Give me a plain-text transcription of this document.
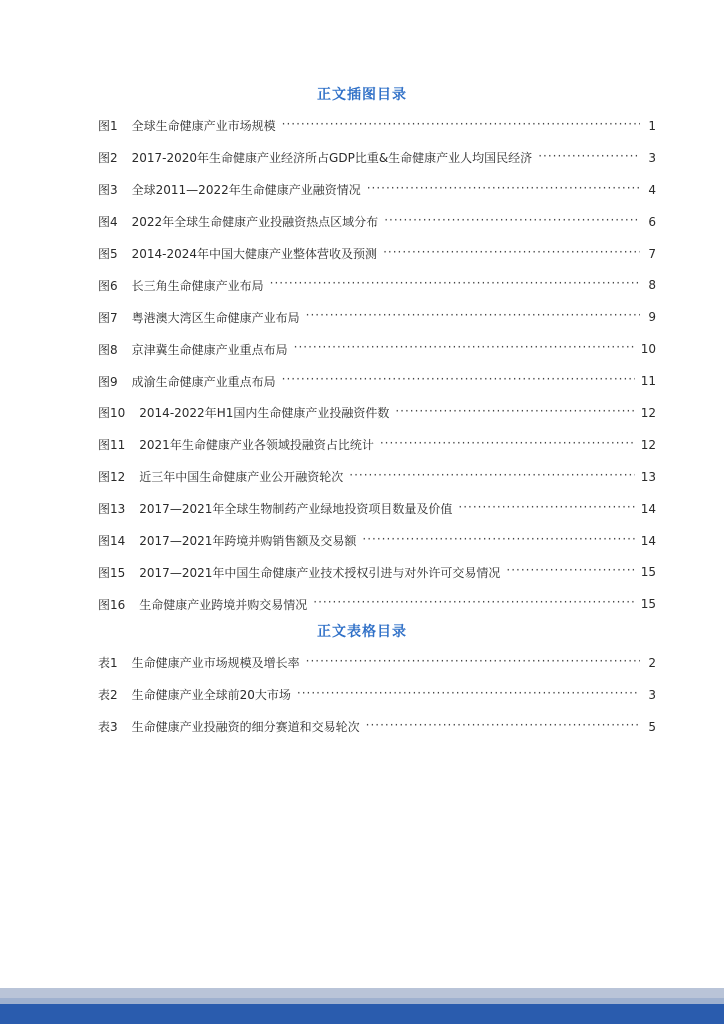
正文插图目录
图1 全球生命健康产业市场规模 ·····	1
图2 2017-2020年生命健康产业经济所占GDP比重&生命健康产业人均国民经济 ·····	3
图3 全球2011—2022年生命健康产业融资情况 ·····	4
图4 2022年全球生命健康产业投融资热点区域分布 ·····	6
图5 2014-2024年中国大健康产业整体营收及预测 ·····	7
图6 长三角生命健康产业布局 ·····	8
图7 粤港澳大湾区生命健康产业布局 ·····	9
图8 京津冀生命健康产业重点布局 ·····	10
图9 成渝生命健康产业重点布局 ·····	11
图10 2014-2022年H1国内生命健康产业投融资件数 ·····	12
图11 2021年生命健康产业各领域投融资占比统计 ·····	12
图12 近三年中国生命健康产业公开融资轮次 ·····	13
图13 2017—2021年全球生物制药产业绿地投资项目数量及价值 ·····	14
图14 2017—2021年跨境并购销售额及交易额 ·····	14
图15 2017—2021年中国生命健康产业技术授权引进与对外许可交易情况 ·····	15
图16 生命健康产业跨境并购交易情况 ·····	15
正文表格目录
表1 生命健康产业市场规模及增长率 ·····	2
表2 生命健康产业全球前20大市场 ·····	3
表3 生命健康产业投融资的细分赛道和交易轮次 ·····	5
